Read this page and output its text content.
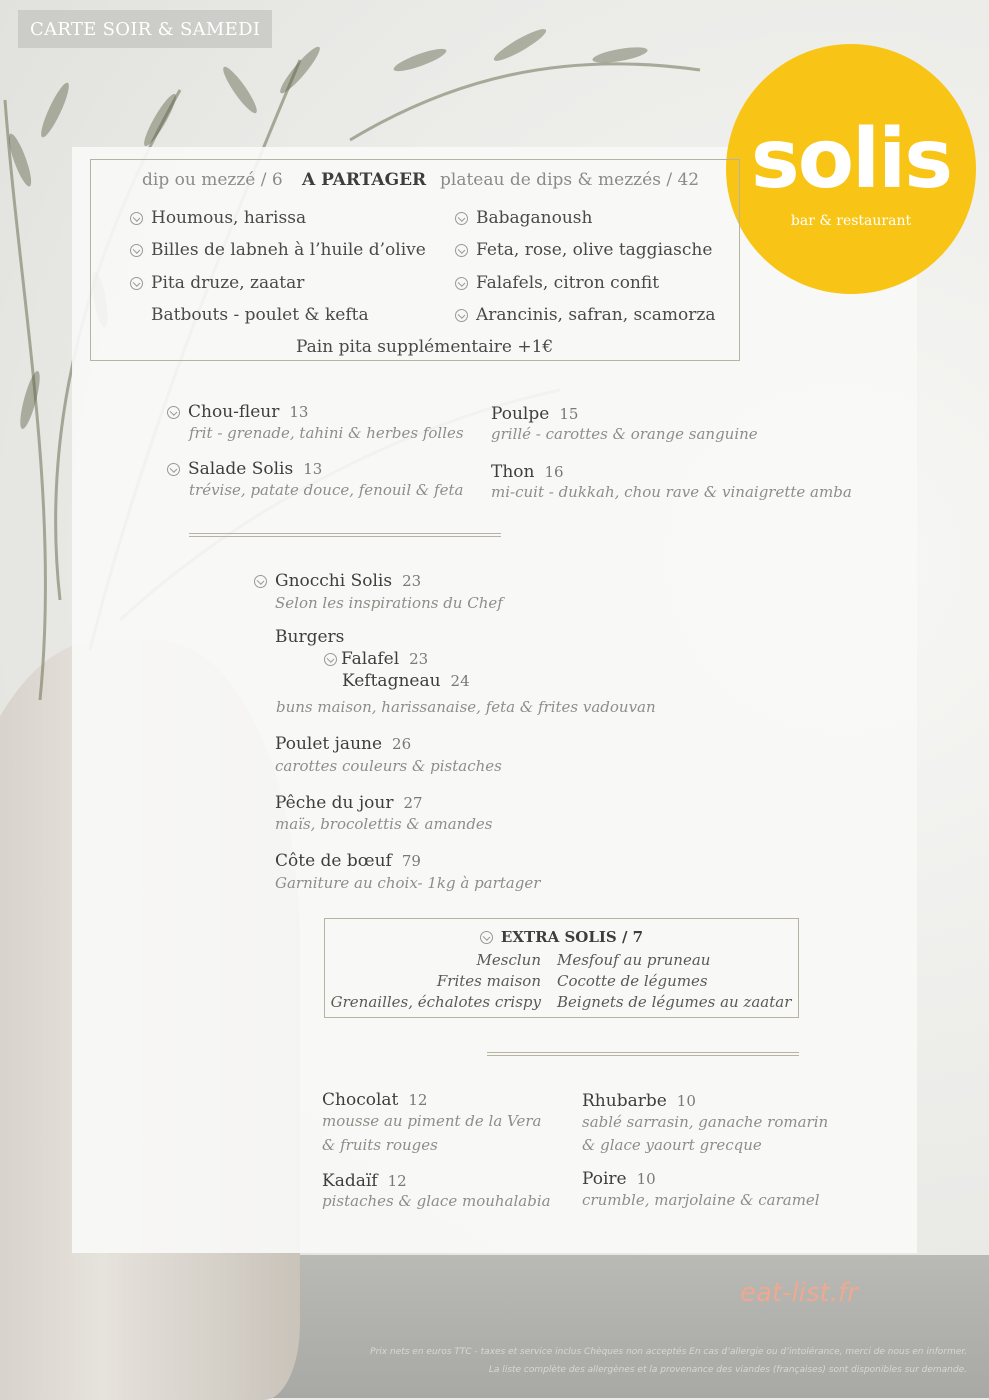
CARTE SOIR & SAMEDI
solis
bar & restaurant
dip ou mezzé / 6 A PARTAGER plateau de dips & mezzés / 42
Houmous, harissa
Billes de labneh à l’huile d’olive
Pita druze, zaatar
Batbouts - poulet & kefta
Babaganoush
Feta, rose, olive taggiasche
Falafels, citron confit
Arancinis, safran, scamorza
Pain pita supplémentaire +1€
Chou-fleur 13
frit - grenade, tahini & herbes folles
Salade Solis 13
trévise, patate douce, fenouil & feta
Poulpe 15
grillé - carottes & orange sanguine
Thon 16
mi-cuit - dukkah, chou rave & vinaigrette amba
Gnocchi Solis 23
Selon les inspirations du Chef
Burgers
Falafel 23
Keftagneau 24
buns maison, harissanaise, feta & frites vadouvan
Poulet jaune 26
carottes couleurs & pistaches
Pêche du jour 27
maïs, brocolettis & amandes
Côte de bœuf 79
Garniture au choix- 1kg à partager
EXTRA SOLIS / 7
Mesclun
Frites maison
Grenailles, échalotes crispy
Mesfouf au pruneau
Cocotte de légumes
Beignets de légumes au zaatar
Chocolat 12
mousse au piment de la Vera
& fruits rouges
Kadaïf 12
pistaches & glace mouhalabia
Rhubarbe 10
sablé sarrasin, ganache romarin
& glace yaourt grecque
Poire 10
crumble, marjolaine & caramel
eat-list.fr
Prix nets en euros TTC - taxes et service inclus Chèques non acceptés En cas d’allergie ou d’intolérance, merci de nous en informer.
La liste complète des allergènes et la provenance des viandes (françaises) sont disponibles sur demande.
